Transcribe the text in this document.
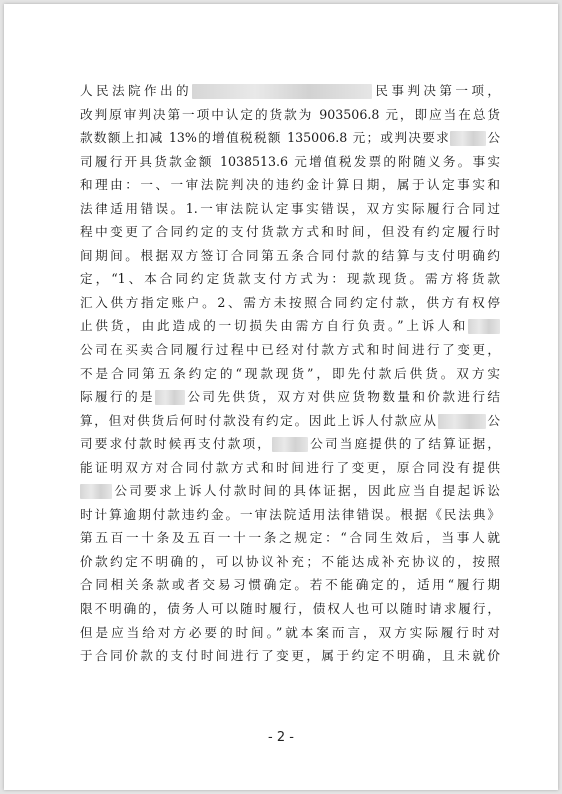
人民法院作出的	民事判决第一项，
改判原审判决第一项中认定的货款为 903506.8 元，即应当在总货
款数额上扣减 13%的增值税税额 135006.8 元；或判决要求	公
司履行开具货款金额 1038513.6 元增值税发票的附随义务。事实
和理由：一、一审法院判决的违约金计算日期，属于认定事实和
法律适用错误。1.一审法院认定事实错误，双方实际履行合同过
程中变更了合同约定的支付货款方式和时间，但没有约定履行时
间期间。根据双方签订合同第五条合同付款的结算与支付明确约
定，“1、本合同约定货款支付方式为：现款现货。需方将货款
汇入供方指定账户。2、需方未按照合同约定付款，供方有权停
止供货，由此造成的一切损失由需方自行负责。”上诉人和
公司在买卖合同履行过程中已经对付款方式和时间进行了变更，
不是合同第五条约定的“现款现货”，即先付款后供货。双方实
际履行的是 公司先供货，双方对供应货物数量和价款进行结
算，但对供货后何时付款没有约定。因此上诉人付款应从	公
司要求付款时候再支付款项，	公司当庭提供的了结算证据，
能证明双方对合同付款方式和时间进行了变更，原合同没有提供
公司要求上诉人付款时间的具体证据，因此应当自提起诉讼
时计算逾期付款违约金。一审法院适用法律错误。根据《民法典》
第五百一十条及五百一十一条之规定：“合同生效后，当事人就
价款约定不明确的，可以协议补充；不能达成补充协议的，按照
合同相关条款或者交易习惯确定。若不能确定的，适用“履行期
限不明确的，债务人可以随时履行，债权人也可以随时请求履行，
但是应当给对方必要的时间。”就本案而言，双方实际履行时对
于合同价款的支付时间进行了变更，属于约定不明确，且未就价
- 2 -
